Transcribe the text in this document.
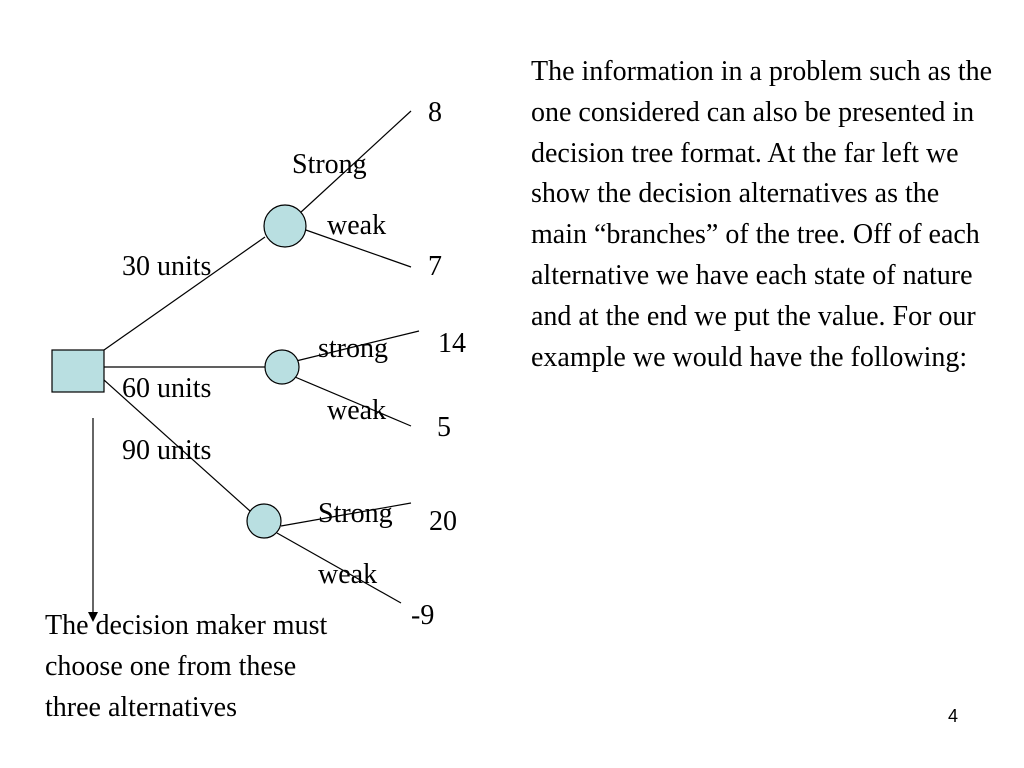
30 units
60 units
90 units
Strong
weak
strong
weak
Strong
weak
8
7
14
5
20
-9
The information in a problem such as the one considered can also be presented in decision tree format. At the far left we show the decision alternatives as the main “branches” of the tree. Off of each alternative we have each state of nature and at the end we put the value. For our example we would have the following:
The decision maker must choose one from these three alternatives	4
